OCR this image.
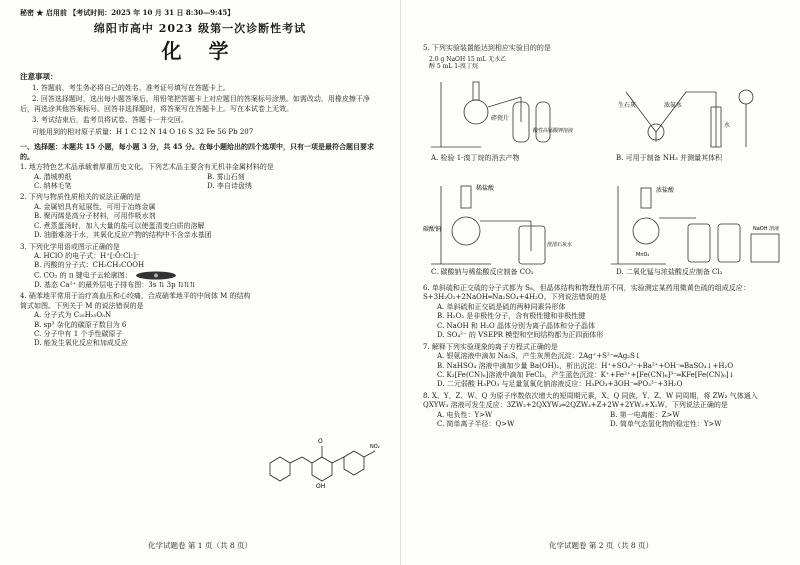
秘密 ★ 启用前 【考试时间：2025 年 10 月 31 日 8:30—9:45】
绵阳市高中 2023 级第一次诊断性考试
化 学
注意事项：

1. 答题前，考生务必将自己的姓名、准考证号填写在答题卡上。

2. 回答选择题时，选出每小题答案后，用铅笔把答题卡上对应题目的答案标号涂黑。如需改动，用橡皮擦干净后，再选涂其他答案标号。回答非选择题时，将答案写在答题卡上。写在本试卷上无效。

3. 考试结束后，监考员将试卷、答题卡一并交回。

可能用到的相对原子质量：H 1 C 12 N 14 O 16 S 32 Fe 56 Pb 207

一、选择题：本题共 15 小题，每小题 3 分，共 45 分。在每小题给出的四个选项中，只有一项是最符合题目要求的。

1. 地方特色艺术品承载着厚重历史文化。下列艺术品主要含有无机非金属材料的是
A. 潜城剪纸	B. 雾山石刻
C. 纳林毛笔	D. 李自诗盘绣
2. 下列与物质性质相关的说法正确的是
A. 金属铝具有延展性，可用于冶炼金属
B. 聚丙烯是高分子材料，可用作吸水剂
C. 煮蒸蛋汤时，加入大量的盐可以使蛋清变白质的溶解
D. 油脂难溶于水，其氧化反应产物的结构中不含亲水基团
3. 下列化学用语或图示正确的是
A. HClO 的电子式：H⁺[:Ö:Cl:]⁻
B. 丙酸的分子式：CH₃CH₂COOH
C. CO₂ 的 π 键电子云轮廓图：
D. 基态 Ca²⁺ 的最外层电子排布图：3s ⇅ 3p ⇅⇅⇅
4. 硝苯地平常用于治疗高血压和心绞痛，合成硝苯地平的中间体 M 的结构简式如图。下列关于 M 的说法错误的是
A. 分子式为 C₂₅H₂₅O₅N
B. sp³ 杂化的碳原子数目为 6
C. 分子中有 1 个手性碳原子
D. 能发生氧化反应和加成反应
O
OH
NO₂
化学试题卷 第 1 页（共 8 页）
5. 下列实验装置能达到相应实验目的的是
2.0 g NaOH 15 mL 无水乙醇 5 mL 1-溴丁烷
碎瓷片
酸性高锰酸钾溶液
生石灰	浓氨水
水
A. 检验 1-溴丁烷的消去产物	B. 可用于制备 NH₃ 并测量其体积
稀盐酸
碳酸钠
澄清石灰水
浓盐酸
MnO₂
NaOH 溶液
C. 碳酸钠与稀盐酸反应制备 CO₂	D. 二氧化锰与浓盐酸反应制备 Cl₂
6. 单斜硫和正交硫的分子式都为 S₈，但晶体结构和物理性质不同，实验测定某药用微黄色硫的组成反应：S+3H₂O₂+2NaOH═Na₂SO₄+4H₂O。下列说法错误的是
A. 单斜硫和正交硫是硫的两种同素异形体
B. H₂O₂ 是非极性分子，含有极性键和非极性键
C. NaOH 和 H₂O 晶体分别为离子晶体和分子晶体
D. SO₄²⁻ 的 VSEPR 模型和空间结构都为正四面体形
7. 解释下列实验现象的离子方程式正确的是
A. 银氨溶液中滴加 Na₂S，产生灰黑色沉淀：2Ag⁺+S²⁻═Ag₂S↓
B. NaHSO₄ 溶液中滴加少量 Ba(OH)₂，析出沉淀：H⁺+SO₄²⁻+Ba²⁺+OH⁻═BaSO₄↓+H₂O
C. K₃[Fe(CN)₆]溶液中滴加 FeCl₂，产生蓝色沉淀：K⁺+Fe²⁺+[Fe(CN)₆]³⁻═KFe[Fe(CN)₆]↓
D. 二元弱酸 H₃PO₃ 与足量氢氧化钠溶液反应：H₃PO₃+3OH⁻═PO₃³⁻+3H₂O
8. X、Y、Z、W、Q 为原子序数依次增大的短周期元素，X、Q 同族，Y、Z、W 同周期，将 ZW₂ 气体通入 QXYW₃ 溶液可发生反应：3ZW₂+2QXYW₃═2QZW₃+Z+2W+2YW₂+X₂W。下列说法正确的是
A. 电负性：Y>W	B. 第一电离能：Z>W
C. 简单离子半径：Q>W	D. 简单气态氢化物的稳定性：Y>W
化学试题卷 第 2 页（共 8 页）
